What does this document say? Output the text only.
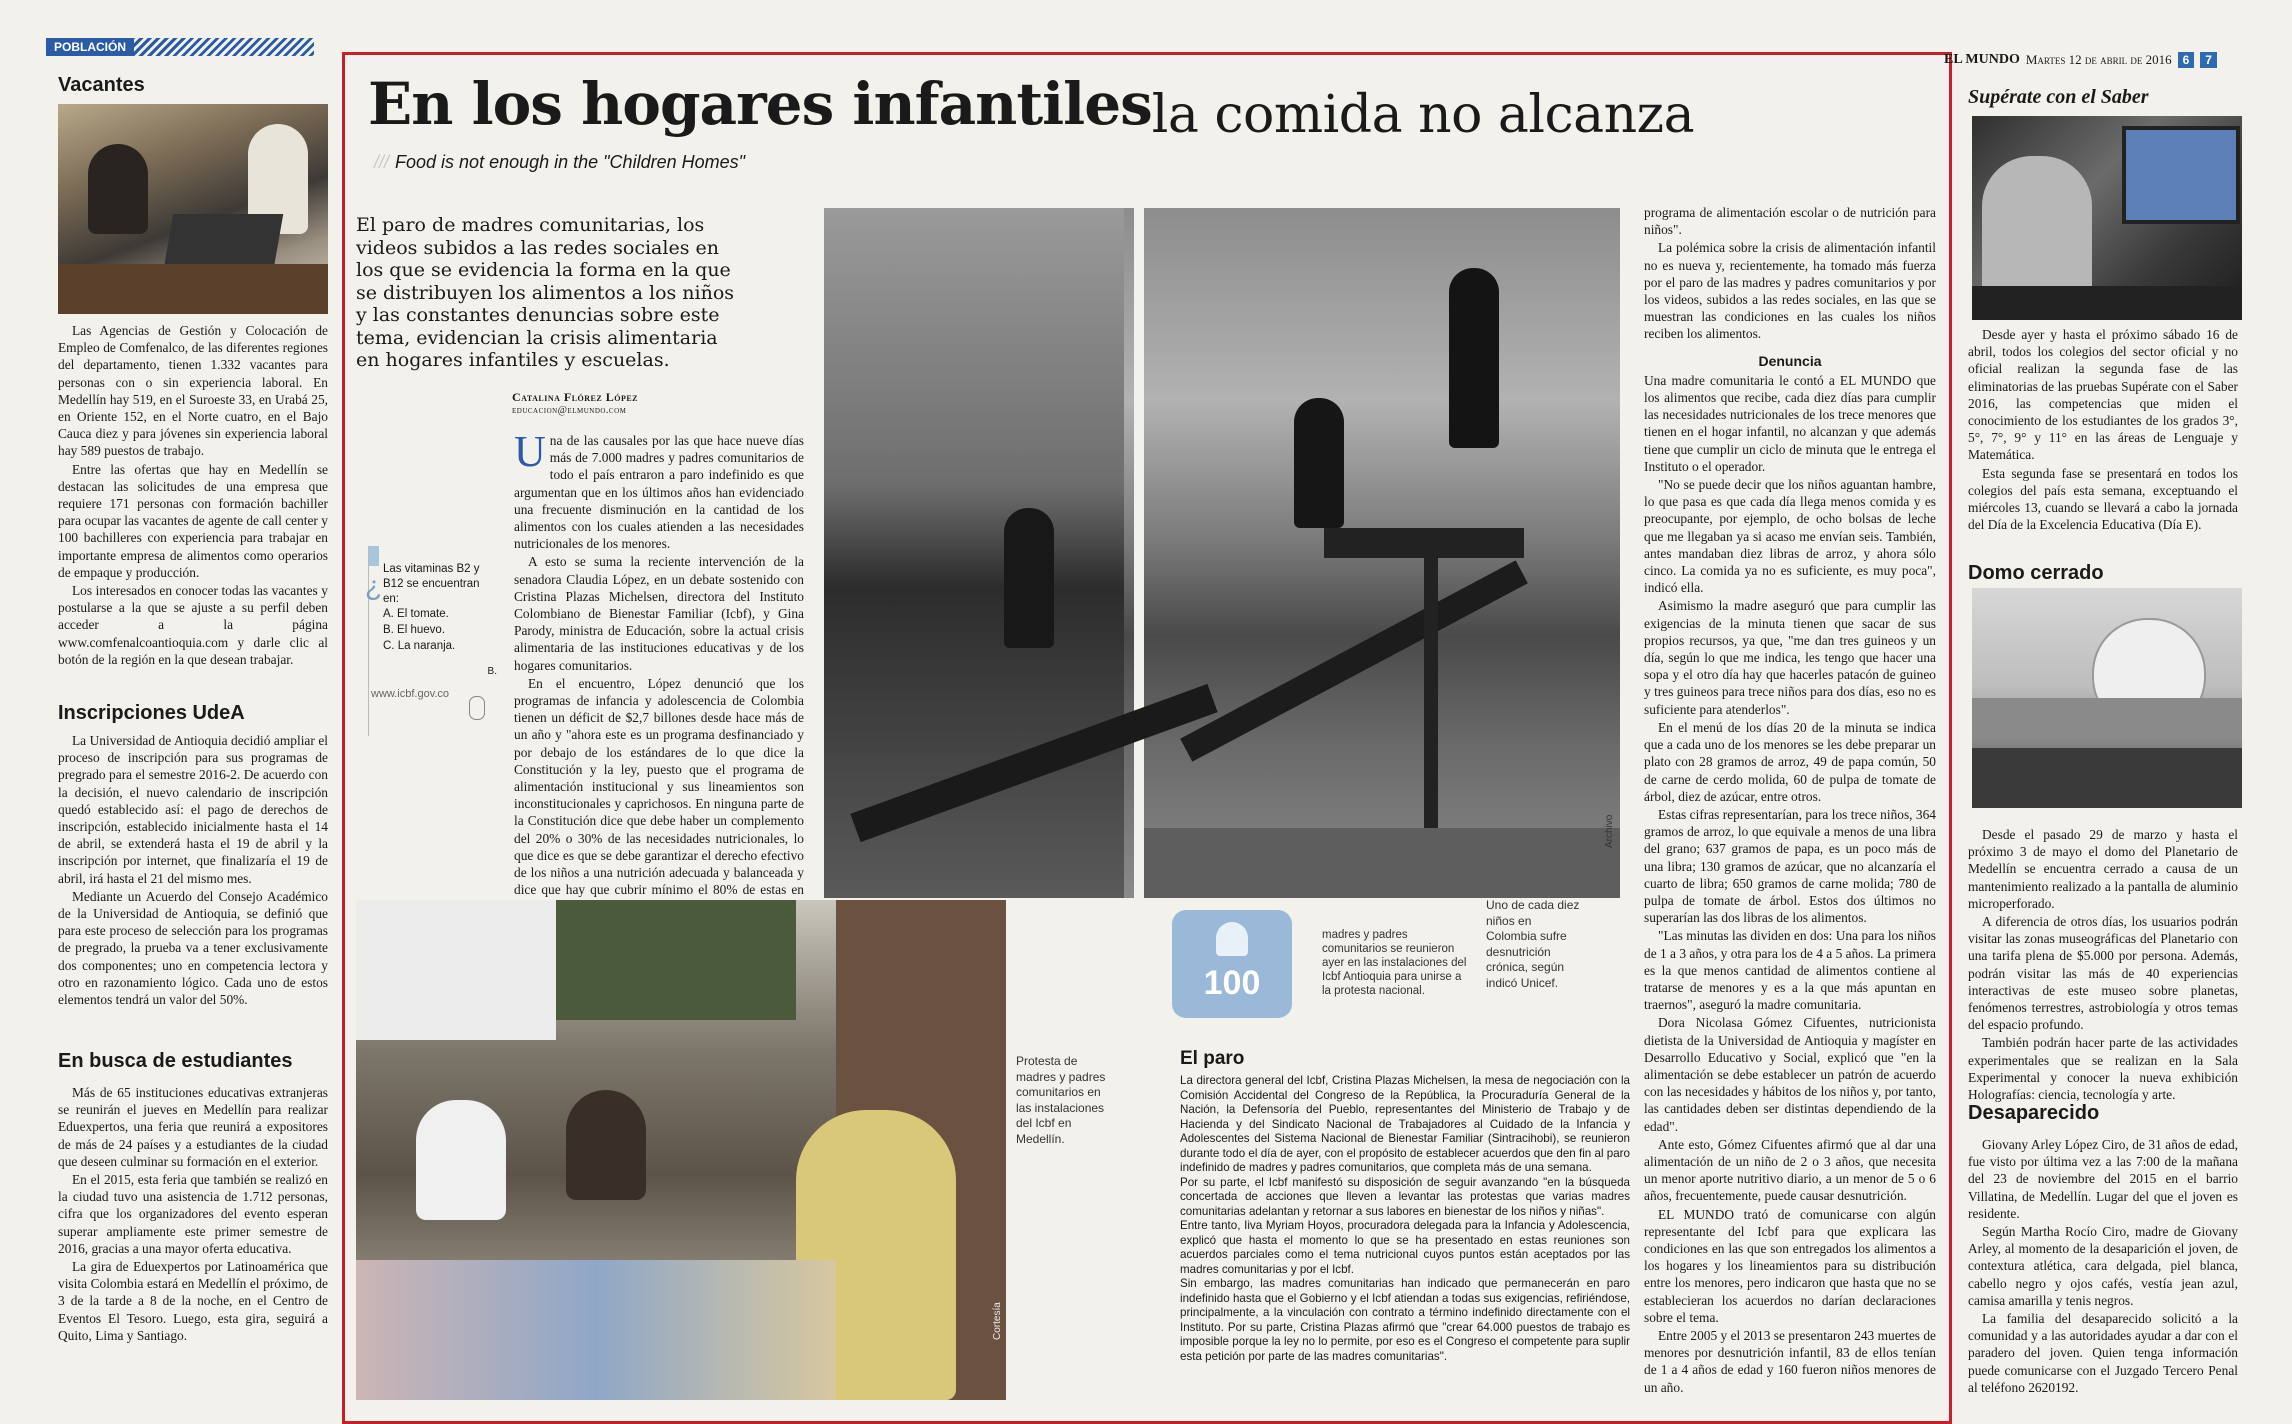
POBLACIÓN
Vacantes

Las Agencias de Gestión y Colocación de Empleo de Comfenalco, de las diferentes regiones del departamento, tienen 1.332 vacantes para personas con o sin experiencia laboral. En Medellín hay 519, en el Suroeste 33, en Urabá 25, en Oriente 152, en el Norte cuatro, en el Bajo Cauca diez y para jóvenes sin experiencia laboral hay 589 puestos de trabajo.

Entre las ofertas que hay en Medellín se destacan las solicitudes de una empresa que requiere 171 personas con formación bachiller para ocupar las vacantes de agente de call center y 100 bachilleres con experiencia para trabajar en importante empresa de alimentos como operarios de empaque y producción.

Los interesados en conocer todas las vacantes y postularse a la que se ajuste a su perfil deben acceder a la página www.comfenalcoantioquia.com y darle clic al botón de la región en la que desean trabajar.

Inscripciones UdeA

La Universidad de Antioquia decidió ampliar el proceso de inscripción para sus programas de pregrado para el semestre 2016-2. De acuerdo con la decisión, el nuevo calendario de inscripción quedó establecido así: el pago de derechos de inscripción, establecido inicialmente hasta el 14 de abril, se extenderá hasta el 19 de abril y la inscripción por internet, que finalizaría el 19 de abril, irá hasta el 21 del mismo mes.

Mediante un Acuerdo del Consejo Académico de la Universidad de Antioquia, se definió que para este proceso de selección para los programas de pregrado, la prueba va a tener exclusivamente dos componentes; uno en competencia lectora y otro en razonamiento lógico. Cada uno de estos elementos tendrá un valor del 50%.

En busca de estudiantes

Más de 65 instituciones educativas extranjeras se reunirán el jueves en Medellín para realizar Eduexpertos, una feria que reunirá a expositores de más de 24 países y a estudiantes de la ciudad que deseen culminar su formación en el exterior.

En el 2015, esta feria que también se realizó en la ciudad tuvo una asistencia de 1.712 personas, cifra que los organizadores del evento esperan superar ampliamente este primer semestre de 2016, gracias a una mayor oferta educativa.

La gira de Eduexpertos por Latinoamérica que visita Colombia estará en Medellín el próximo, de 3 de la tarde a 8 de la noche, en el Centro de Eventos El Tesoro. Luego, esta gira, seguirá a Quito, Lima y Santiago.

EL MUNDO Martes 12 de abril de 2016 6	7
En los hogares infantilesla comida no alcanza
/// Food is not enough in the "Children Homes"
El paro de madres comunitarias, los videos subidos a las redes sociales en los que se evidencia la forma en la que se distribuyen los alimentos a los niños y las constantes denuncias sobre este tema, evidencian la crisis alimentaria en hogares infantiles y escuelas.
Catalina Flórez López
educacion@elmundo.com
¿
Las vitaminas B2 y B12 se encuentran en:
A. El tomate.
B. El huevo.
C. La naranja.
B.
www.icbf.gov.co

Una de las causales por las que hace nueve días más de 7.000 madres y padres comunitarios de todo el país entraron a paro indefinido es que argumentan que en los últimos años han evidenciado una frecuente disminución en la cantidad de los alimentos con los cuales atienden a las necesidades nutricionales de los menores.

A esto se suma la reciente intervención de la senadora Claudia López, en un debate sostenido con Cristina Plazas Michelsen, directora del Instituto Colombiano de Bienestar Familiar (Icbf), y Gina Parody, ministra de Educación, sobre la actual crisis alimentaria de las instituciones educativas y de los hogares comunitarios.

En el encuentro, López denunció que los programas de infancia y adolescencia de Colombia tienen un déficit de $2,7 billones desde hace más de un año y "ahora este es un programa desfinanciado y por debajo de los estándares de lo que dice la Constitución y la ley, puesto que el programa de alimentación institucional y sus lineamientos son inconstitucionales y caprichosos. En ninguna parte de la Constitución dice que debe haber un complemento del 20% o 30% de las necesidades nutricionales, lo que dice es que se debe garantizar el derecho efectivo de los niños a una nutrición adecuada y balanceada y dice que hay que cubrir mínimo el 80% de estas en

Archivo

programa de alimentación escolar o de nutrición para niños".

La polémica sobre la crisis de alimentación infantil no es nueva y, recientemente, ha tomado más fuerza por el paro de las madres y padres comunitarios y por los videos, subidos a las redes sociales, en las que se muestran las condiciones en las cuales los niños reciben los alimentos.

Denuncia

Una madre comunitaria le contó a EL MUNDO que los alimentos que recibe, cada diez días para cumplir las necesidades nutricionales de los trece menores que tienen en el hogar infantil, no alcanzan y que además tiene que cumplir un ciclo de minuta que le entrega el Instituto o el operador.

"No se puede decir que los niños aguantan hambre, lo que pasa es que cada día llega menos comida y es preocupante, por ejemplo, de ocho bolsas de leche que me llegaban ya si acaso me envían seis. También, antes mandaban diez libras de arroz, y ahora sólo cinco. La comida ya no es suficiente, es muy poca", indicó ella.

Asimismo la madre aseguró que para cumplir las exigencias de la minuta tienen que sacar de sus propios recursos, ya que, "me dan tres guineos y un día, según lo que me indica, les tengo que hacer una sopa y el otro día hay que hacerles patacón de guineo y tres guineos para trece niños para dos días, eso no es suficiente para atenderlos".

En el menú de los días 20 de la minuta se indica que a cada uno de los menores se les debe preparar un plato con 28 gramos de arroz, 49 de papa común, 50 de carne de cerdo molida, 60 de pulpa de tomate de árbol, diez de azúcar, entre otros.

Estas cifras representarían, para los trece niños, 364 gramos de arroz, lo que equivale a menos de una libra del grano; 637 gramos de papa, es un poco más de una libra; 130 gramos de azúcar, que no alcanzaría el cuarto de libra; 650 gramos de carne molida; 780 de pulpa de tomate de árbol. Estos dos últimos no superarían las dos libras de los alimentos.

"Las minutas las dividen en dos: Una para los niños de 1 a 3 años, y otra para los de 4 a 5 años. La primera es la que menos cantidad de alimentos contiene al tratarse de menores y es a la que más apuntan en traernos", aseguró la madre comunitaria.

Dora Nicolasa Gómez Cifuentes, nutricionista dietista de la Universidad de Antioquia y magíster en Desarrollo Educativo y Social, explicó que "en la alimentación se debe establecer un patrón de acuerdo con las necesidades y hábitos de los niños y, por tanto, las cantidades deben ser distintas dependiendo de la edad".

Ante esto, Gómez Cifuentes afirmó que al dar una alimentación de un niño de 2 o 3 años, que necesita un menor aporte nutritivo diario, a un menor de 5 o 6 años, frecuentemente, puede causar desnutrición.

EL MUNDO trató de comunicarse con algún representante del Icbf para que explicara las condiciones en las que son entregados los alimentos a los hogares y los lineamientos para su distribución entre los menores, pero indicaron que hasta que no se establecieran los acuerdos no darían declaraciones sobre el tema.

Entre 2005 y el 2013 se presentaron 243 muertes de menores por desnutrición infantil, 83 de ellos tenían de 1 a 4 años de edad y 160 fueron niños menores de un año.

Cortesía
Protesta de madres y padres comunitarios en las instalaciones del Icbf en Medellín.
100
madres y padres comunitarios se reunieron ayer en las instalaciones del Icbf Antioquia para unirse a la protesta nacional.
Uno de cada diez niños en Colombia sufre desnutrición crónica, según indicó Unicef.
El paro
La directora general del Icbf, Cristina Plazas Michelsen, la mesa de negociación con la Comisión Accidental del Congreso de la República, la Procuraduría General de la Nación, la Defensoría del Pueblo, representantes del Ministerio de Trabajo y de Hacienda y del Sindicato Nacional de Trabajadores al Cuidado de la Infancia y Adolescentes del Sistema Nacional de Bienestar Familiar (Sintracihobi), se reunieron durante todo el día de ayer, con el propósito de establecer acuerdos que den fin al paro indefinido de madres y padres comunitarios, que completa más de una semana.
Por su parte, el Icbf manifestó su disposición de seguir avanzando "en la búsqueda concertada de acciones que lleven a levantar las protestas que varias madres comunitarias adelantan y retornar a sus labores en bienestar de los niños y niñas".
Entre tanto, Iiva Myriam Hoyos, procuradora delegada para la Infancia y Adolescencia, explicó que hasta el momento lo que se ha presentado en estas reuniones son acuerdos parciales como el tema nutricional cuyos puntos están aceptados por las madres comunitarias y por el Icbf.
Sin embargo, las madres comunitarias han indicado que permanecerán en paro indefinido hasta que el Gobierno y el Icbf atiendan a todas sus exigencias, refiriéndose, principalmente, a la vinculación con contrato a término indefinido directamente con el Instituto. Por su parte, Cristina Plazas afirmó que "crear 64.000 puestos de trabajo es imposible porque la ley no lo permite, por eso es el Congreso el competente para suplir esta petición por parte de las madres comunitarias".
Supérate con el Saber

Desde ayer y hasta el próximo sábado 16 de abril, todos los colegios del sector oficial y no oficial realizan la segunda fase de las eliminatorias de las pruebas Supérate con el Saber 2016, las competencias que miden el conocimiento de los estudiantes de los grados 3°, 5°, 7°, 9° y 11° en las áreas de Lenguaje y Matemática.

Esta segunda fase se presentará en todos los colegios del país esta semana, exceptuando el miércoles 13, cuando se llevará a cabo la jornada del Día de la Excelencia Educativa (Día E).

Domo cerrado

Desde el pasado 29 de marzo y hasta el próximo 3 de mayo el domo del Planetario de Medellín se encuentra cerrado a causa de un mantenimiento realizado a la pantalla de aluminio microperforado.

A diferencia de otros días, los usuarios podrán visitar las zonas museográficas del Planetario con una tarifa plena de $5.000 por persona. Además, podrán visitar las más de 40 experiencias interactivas de este museo sobre planetas, fenómenos terrestres, astrobiología y otros temas del espacio profundo.

También podrán hacer parte de las actividades experimentales que se realizan en la Sala Experimental y conocer la nueva exhibición Holografías: ciencia, tecnología y arte.

Desaparecido

Giovany Arley López Ciro, de 31 años de edad, fue visto por última vez a las 7:00 de la mañana del 23 de noviembre del 2015 en el barrio Villatina, de Medellín. Lugar del que el joven es residente.

Según Martha Rocío Ciro, madre de Giovany Arley, al momento de la desaparición el joven, de contextura atlética, cara delgada, piel blanca, cabello negro y ojos cafés, vestía jean azul, camisa amarilla y tenis negros.

La familia del desaparecido solicitó a la comunidad y a las autoridades ayudar a dar con el paradero del joven. Quien tenga información puede comunicarse con el Juzgado Tercero Penal al teléfono 2620192.
